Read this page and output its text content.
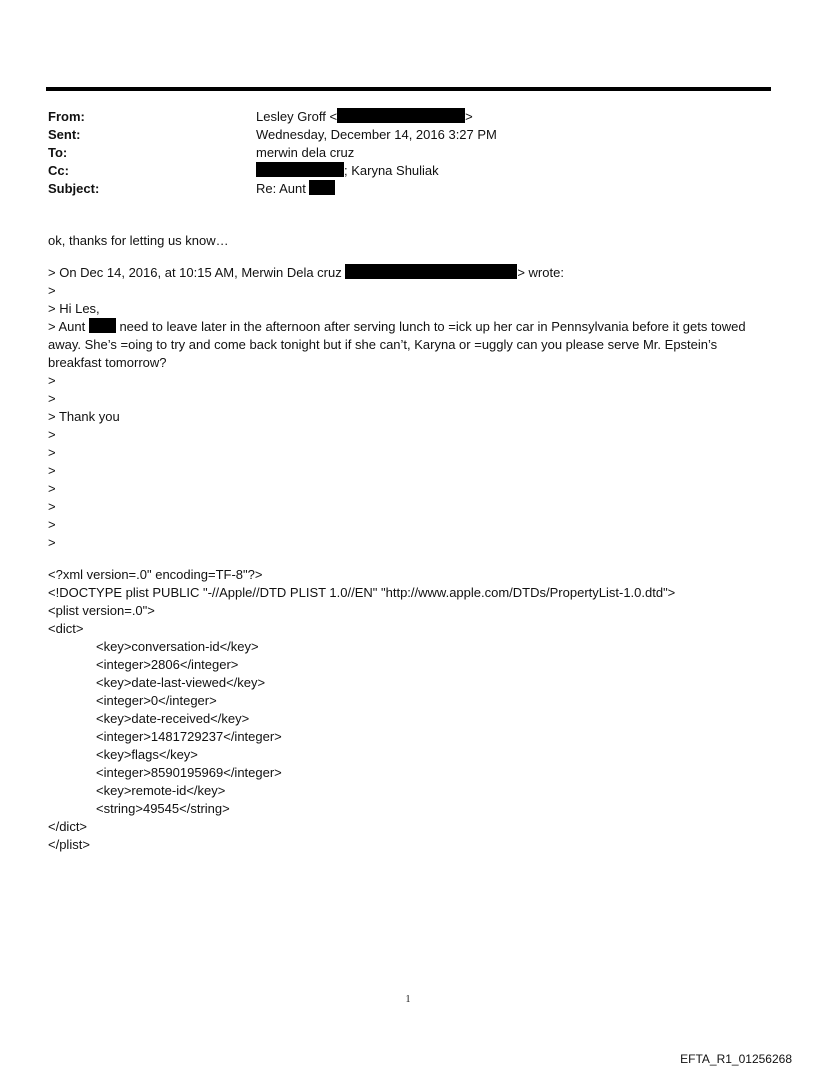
From:	Lesley Groff <	>
Sent:	Wednesday, December 14, 2016 3:27 PM
To:	merwin dela cruz
Cc:	; Karyna Shuliak
Subject:	Re: Aunt
ok, thanks for letting us know…
> On Dec 14, 2016, at 10:15 AM, Merwin Dela cruz	> wrote:
>
> Hi Les,
> Aunt  need to leave later in the afternoon after serving lunch to =ick up her car in Pennsylvania before it gets towed away. She’s =oing to try and come back tonight but if she can’t, Karyna or =uggly can you please serve Mr. Epstein’s breakfast tomorrow?
>
>
> Thank you
>
>
>
>
>
>
>
<?xml version=.0" encoding=TF-8"?>
<!DOCTYPE plist PUBLIC "-//Apple//DTD PLIST 1.0//EN" "http://www.apple.com/DTDs/PropertyList-1.0.dtd">
<plist version=.0">
<dict>
<key>conversation-id</key>
<integer>2806</integer>
<key>date-last-viewed</key>
<integer>0</integer>
<key>date-received</key>
<integer>1481729237</integer>
<key>flags</key>
<integer>8590195969</integer>
<key>remote-id</key>
<string>49545</string>
</dict>
</plist>
1
EFTA_R1_01256268
